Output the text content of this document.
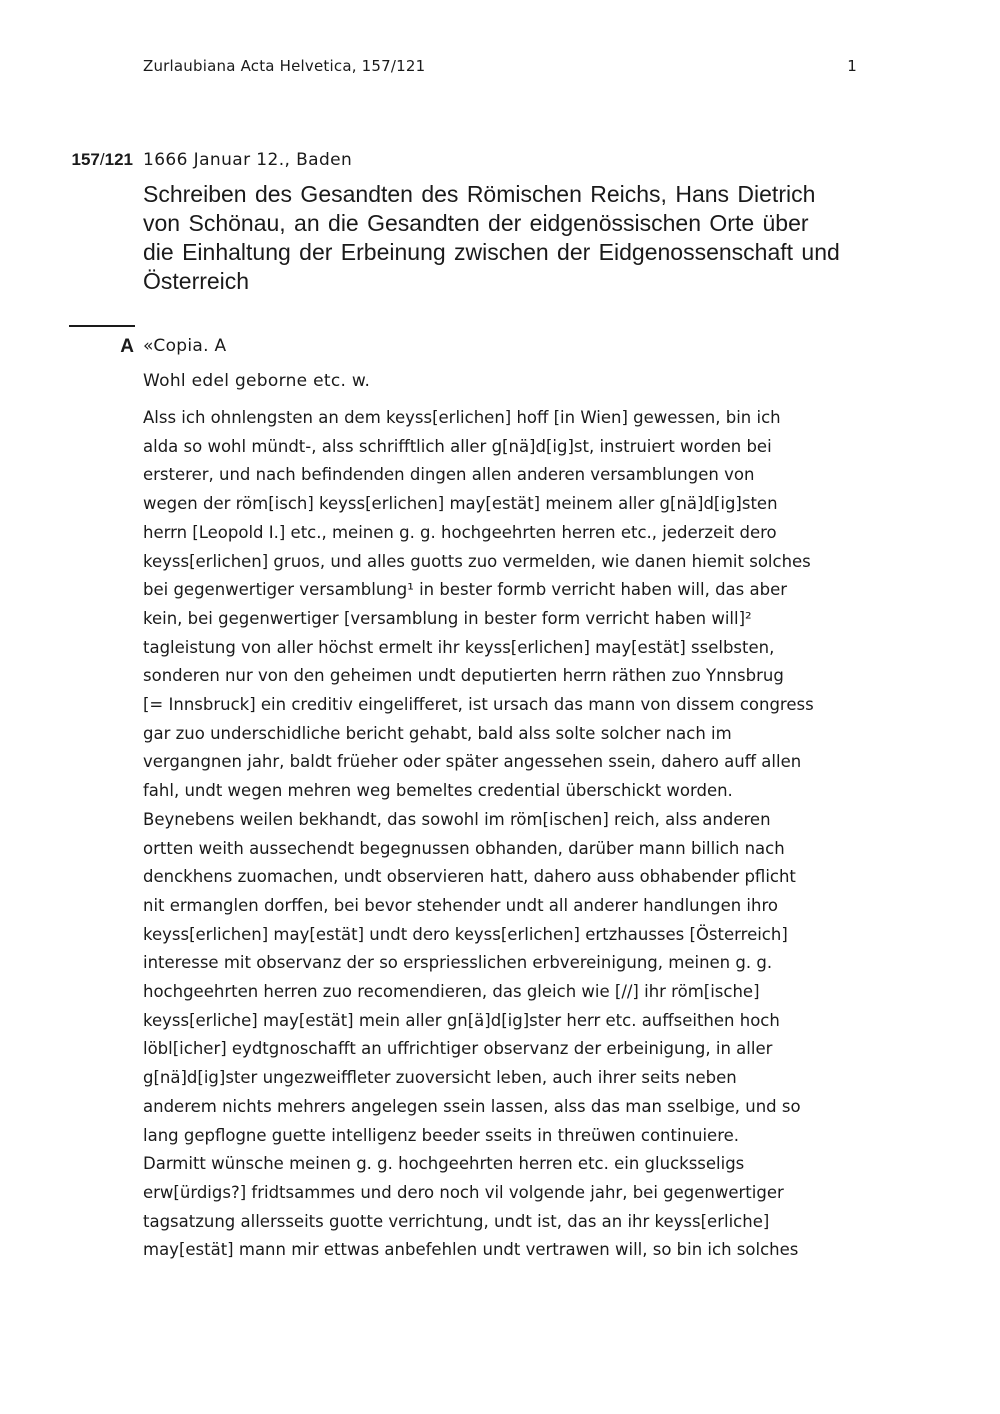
Zurlaubiana Acta Helvetica, 157/121	1
157/121 1666 Januar 12., Baden
Schreiben des Gesandten des Römischen Reichs, Hans Dietrich von Schönau, an die Gesandten der eidgenössischen Orte über die Einhaltung der Erbeinung zwischen der Eidgenossenschaft und Österreich
A «Copia. A
Wohl edel geborne etc. w.
Alss ich ohnlengsten an dem keyss[erlichen] hoff [in Wien] gewessen, bin ich
alda so wohl mündt-, alss schrifftlich aller g[nä]d[ig]st, instruiert worden bei
ersterer, und nach befindenden dingen allen anderen versamblungen von
wegen der röm[isch] keyss[erlichen] may[estät] meinem aller g[nä]d[ig]sten
herrn [Leopold I.] etc., meinen g. g. hochgeehrten herren etc., jederzeit dero
keyss[erlichen] gruos, und alles guotts zuo vermelden, wie danen hiemit solches
bei gegenwertiger versamblung¹ in bester formb verricht haben will, das aber
kein, bei gegenwertiger [versamblung in bester form verricht haben will]²
tagleistung von aller höchst ermelt ihr keyss[erlichen] may[estät] sselbsten,
sonderen nur von den geheimen undt deputierten herrn räthen zuo Ynnsbrug
[= Innsbruck] ein creditiv eingelifferet, ist ursach das mann von dissem congress
gar zuo underschidliche bericht gehabt, bald alss solte solcher nach im
vergangnen jahr, baldt früeher oder später angessehen ssein, dahero auff allen
fahl, undt wegen mehren weg bemeltes credential überschickt worden.
Beynebens weilen bekhandt, das sowohl im röm[ischen] reich, alss anderen
ortten weith aussechendt begegnussen obhanden, darüber mann billich nach
denckhens zuomachen, undt observieren hatt, dahero auss obhabender pflicht
nit ermanglen dorffen, bei bevor stehender undt all anderer handlungen ihro
keyss[erlichen] may[estät] undt dero keyss[erlichen] ertzhausses [Österreich]
interesse mit observanz der so erspriesslichen erbvereinigung, meinen g. g.
hochgeehrten herren zuo recomendieren, das gleich wie [//] ihr röm[ische]
keyss[erliche] may[estät] mein aller gn[ä]d[ig]ster herr etc. auffseithen hoch
löbl[icher] eydtgnoschafft an uffrichtiger observanz der erbeinigung, in aller
g[nä]d[ig]ster ungezweiffleter zuoversicht leben, auch ihrer seits neben
anderem nichts mehrers angelegen ssein lassen, alss das man sselbige, und so
lang gepflogne guette intelligenz beeder sseits in threüwen continuiere.
Darmitt wünsche meinen g. g. hochgeehrten herren etc. ein glucksseligs
erw[ürdigs?] fridtsammes und dero noch vil volgende jahr, bei gegenwertiger
tagsatzung allersseits guotte verrichtung, undt ist, das an ihr keyss[erliche]
may[estät] mann mir ettwas anbefehlen undt vertrawen will, so bin ich solches
